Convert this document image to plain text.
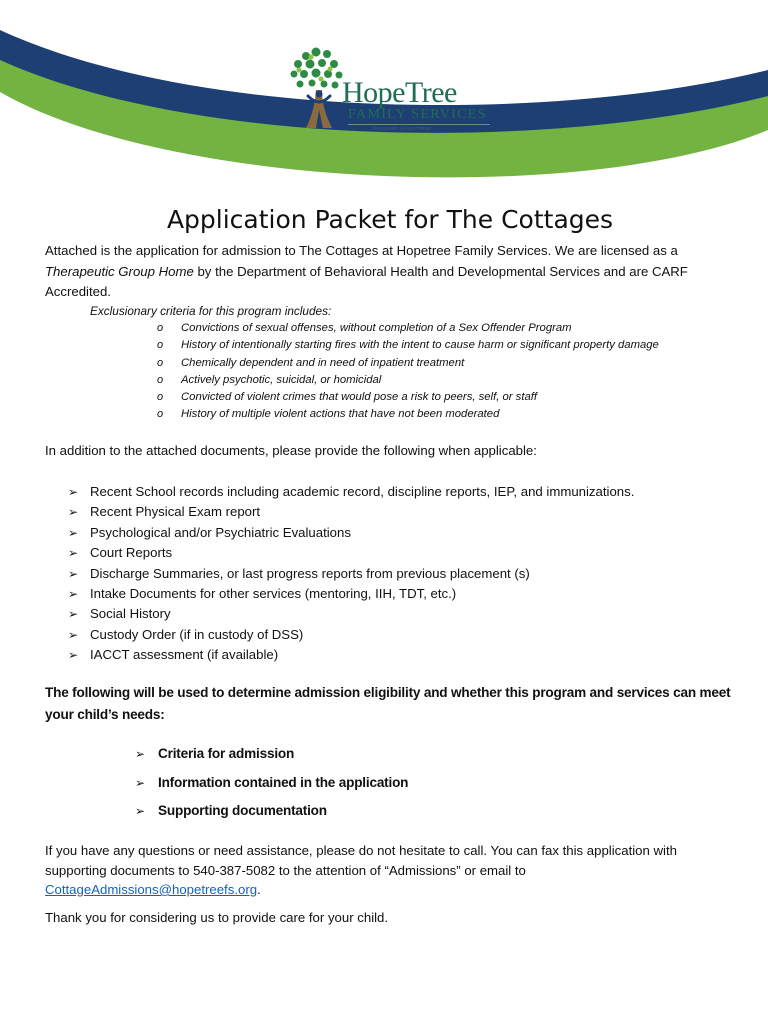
HopeTree
FAMILY SERVICES
Therapeutic Group Homes
Application Packet for The Cottages

Attached is the application for admission to The Cottages at Hopetree Family Services. We are licensed as a Therapeutic Group Home by the Department of Behavioral Health and Developmental Services and are CARF Accredited.

Exclusionary criteria for this program includes:
o Convictions of sexual offenses, without completion of a Sex Offender Program
o History of intentionally starting fires with the intent to cause harm or significant property damage
o Chemically dependent and in need of inpatient treatment
o Actively psychotic, suicidal, or homicidal
o Convicted of violent crimes that would pose a risk to peers, self, or staff
o History of multiple violent actions that have not been moderated
In addition to the attached documents, please provide the following when applicable:
➢ Recent School records including academic record, discipline reports, IEP, and immunizations.
➢ Recent Physical Exam report
➢ Psychological and/or Psychiatric Evaluations
➢ Court Reports
➢ Discharge Summaries, or last progress reports from previous placement (s)
➢ Intake Documents for other services (mentoring, IIH, TDT, etc.)
➢ Social History
➢ Custody Order (if in custody of DSS)
➢ IACCT assessment (if available)

The following will be used to determine admission eligibility and whether this program and services can meet your child’s needs:

➢ Criteria for admission
➢ Information contained in the application
➢ Supporting documentation

If you have any questions or need assistance, please do not hesitate to call. You can fax this application with supporting documents to 540-387-5082 to the attention of “Admissions” or email to CottageAdmissions@hopetreefs.org.

Thank you for considering us to provide care for your child.
